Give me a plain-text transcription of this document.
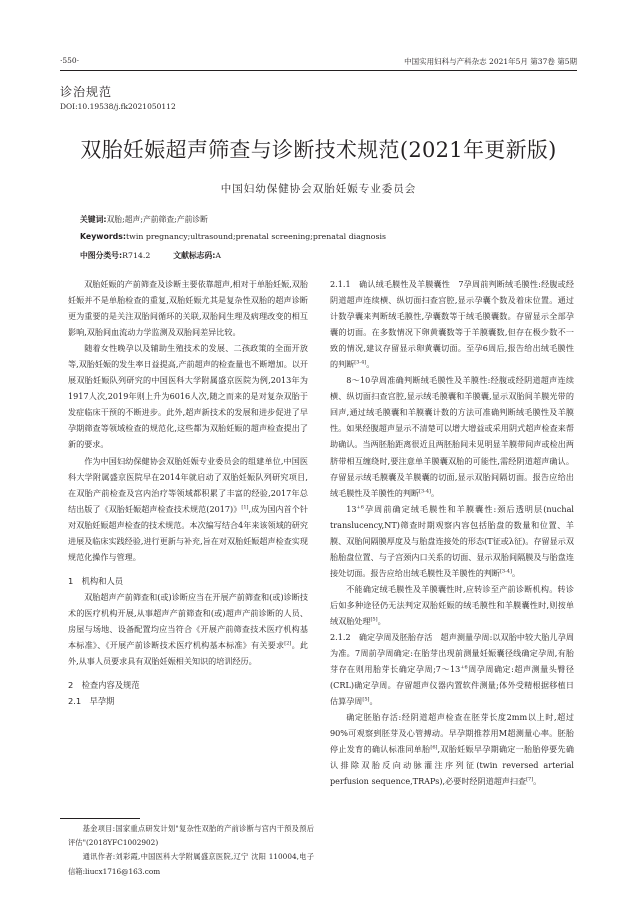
·550·	中国实用妇科与产科杂志 2021年5月 第37卷 第5期
诊治规范
DOI:10.19538/j.fk2021050112
双胎妊娠超声筛查与诊断技术规范(2021年更新版)
中国妇幼保健协会双胎妊娠专业委员会
关键词:双胎;超声;产前筛查;产前诊断
Keywords:twin pregnancy;ultrasound;prenatal screening;prenatal diagnosis
中图分类号:R714.2	文献标志码:A

双胎妊娠的产前筛查及诊断主要依靠超声,相对于单胎妊娠,双胎妊娠并不是单胎检查的重复,双胎妊娠尤其是复杂性双胎的超声诊断更为重要的是关注双胎间循环的关联,双胎间生理及病理改变的相互影响,双胎间血流动力学监测及双胎间差异比较。

随着女性晚孕以及辅助生殖技术的发展、二孩政策的全面开放等,双胎妊娠的发生率日益提高,产前超声的检查量也不断增加。以开展双胎妊娠队列研究的中国医科大学附属盛京医院为例,2013年为1917人次,2019年则上升为6016人次,随之而来的是对复杂双胎于发症临床干预的不断进步。此外,超声新技术的发展和进步促进了早孕期筛查等领域检查的规范化,这些都为双胎妊娠的超声检查提出了新的要求。

作为中国妇幼保健协会双胎妊娠专业委员会的组建单位,中国医科大学附属盛京医院早在2014年就启动了双胎妊娠队列研究项目,在双胎产前检查及宫内治疗等领域都积累了丰富的经验,2017年总结出版了《双胎妊娠超声检查技术规范(2017)》[1],成为国内首个针对双胎妊娠超声检查的技术规范。本次编写结合4年来该领域的研究进展及临床实践经验,进行更新与补充,旨在对双胎妊娠超声检查实现规范化操作与管理。

1　机构和人员

双胎超声产前筛查和(或)诊断应当在开展产前筛查和(或)诊断技术的医疗机构开展,从事超声产前筛查和(或)超声产前诊断的人员、房屋与场地、设备配置均应当符合《开展产前筛查技术医疗机构基本标准》、《开展产前诊断技术医疗机构基本标准》有关要求[2]。此外,从事人员要求具有双胎妊娠相关知识的培训经历。

2　检查内容及规范
2.1　早孕期

2.1.1　确认绒毛膜性及羊膜囊性　7孕周前判断绒毛膜性:经腹或经阴道超声连续横、纵切面扫查宫腔,显示孕囊个数及着床位置。通过计数孕囊来判断绒毛膜性,孕囊数等于绒毛膜囊数。存留显示全部孕囊的切面。在多数情况下卵黄囊数等于羊膜囊数,但存在极少数不一致的情况,建议存留显示卵黄囊切面。至孕6周后,报告给出绒毛膜性的判断[3-4]。

8～10孕周准确判断绒毛膜性及羊膜性:经腹或经阴道超声连续横、纵切面扫查宫腔,显示绒毛膜囊和羊膜囊,显示双胎间羊膜光带的回声,通过绒毛膜囊和羊膜囊计数的方法可准确判断绒毛膜性及羊膜性。如果经腹超声显示不清楚可以增大增益或采用阴式超声检查来帮助确认。当两胚胎距离很近且两胚胎间未见明显羊膜带间声或检出两脐带相互缠绕时,要注意单羊膜囊双胎的可能性,需经阴道超声确认。存留显示绒毛膜囊及羊膜囊的切面,显示双胎间隔切面。报告应给出绒毛膜性及羊膜性的判断[3-4]。

$13^{+6}$孕周前确定绒毛膜性和羊膜囊性:颈后透明层(nuchal translucency,NT)筛查时期观察内容包括胎盘的数量和位置、羊膜、双胎间隔膜厚度及与胎盘连接处的形态(T征或λ征)。存留显示双胎胎盘位置、与子宫颈内口关系的切面、显示双胎间隔膜及与胎盘连接处切面。报告应给出绒毛膜性及羊膜性的判断[3-4]。

不能确定绒毛膜性及羊膜囊性时,应转诊至产前诊断机构。转诊后如多种途径仍无法判定双胎妊娠的绒毛膜性和羊膜囊性时,则按单绒双胎处理[5]。

2.1.2　确定孕周及胚胎存活　超声测量孕周:以双胎中较大胎儿孕周为准。7周前孕周确定:在胎芽出现前测量妊娠囊径线确定孕周,有胎芽存在则用胎芽长确定孕周$;7\sim 13^{+6}$周孕周确定:超声测量头臀径(CRL)确定孕周。存留超声仪器内置软件测量;体外受精根据移植日估算孕周[5]。

确定胚胎存活:经阴道超声检查在胚芽长度2mm以上时,超过90%可观察到胚芽及心管搏动。早孕期推荐用M超测量心率。胚胎停止发育的确认标准同单胎[6],双胎妊娠早孕期确定一胎胎停要先确认排除双胎反向动脉灌注序列征(twin reversed arterial perfusion sequence,TRAPs),必要时经阴道超声扫查[7]。

基金项目:国家重点研发计划"复杂性双胎的产前诊断与宫内干预及预后评估"(2018YFC1002902)

通讯作者:刘彩霞,中国医科大学附属盛京医院,辽宁 沈阳 110004,电子信箱:liucx1716@163.com
